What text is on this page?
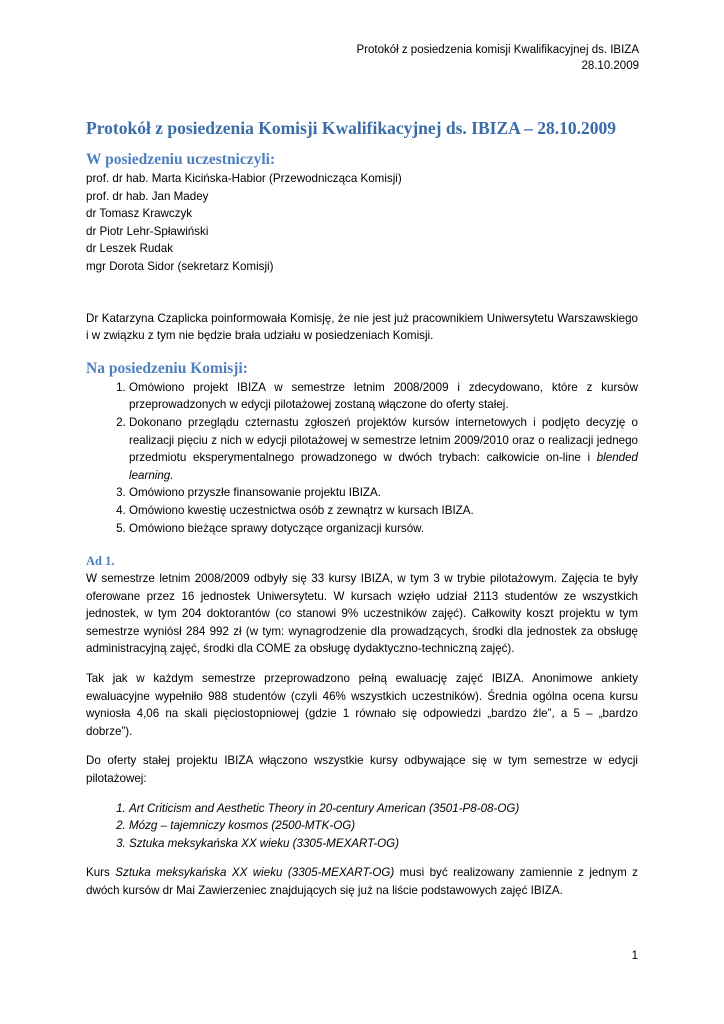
Protokół z posiedzenia komisji Kwalifikacyjnej ds. IBIZA
28.10.2009
Protokół z posiedzenia Komisji Kwalifikacyjnej ds. IBIZA – 28.10.2009
W posiedzeniu uczestniczyli:
prof. dr hab. Marta Kicińska-Habior (Przewodnicząca Komisji)
prof. dr hab. Jan Madey
dr Tomasz Krawczyk
dr Piotr Lehr-Spławiński
dr Leszek Rudak
mgr Dorota Sidor (sekretarz Komisji)

Dr Katarzyna Czaplicka poinformowała Komisję, że nie jest już pracownikiem Uniwersytetu Warszawskiego i w związku z tym nie będzie brała udziału w posiedzeniach Komisji.

Na posiedzeniu Komisji:
1. Omówiono projekt IBIZA w semestrze letnim 2008/2009 i zdecydowano, które z kursów przeprowadzonych w edycji pilotażowej zostaną włączone do oferty stałej.
2. Dokonano przeglądu czternastu zgłoszeń projektów kursów internetowych i podjęto decyzję o realizacji pięciu z nich w edycji pilotażowej w semestrze letnim 2009/2010 oraz o realizacji jednego przedmiotu eksperymentalnego prowadzonego w dwóch trybach: całkowicie on-line i blended learning.
3. Omówiono przyszłe finansowanie projektu IBIZA.
4. Omówiono kwestię uczestnictwa osób z zewnątrz w kursach IBIZA.
5. Omówiono bieżące sprawy dotyczące organizacji kursów.
Ad 1.

W semestrze letnim 2008/2009 odbyły się 33 kursy IBIZA, w tym 3 w trybie pilotażowym. Zajęcia te były oferowane przez 16 jednostek Uniwersytetu. W kursach wzięło udział 2113 studentów ze wszystkich jednostek, w tym 204 doktorantów (co stanowi 9% uczestników zajęć). Całkowity koszt projektu w tym semestrze wyniósł 284 992 zł (w tym: wynagrodzenie dla prowadzących, środki dla jednostek za obsługę administracyjną zajęć, środki dla COME za obsługę dydaktyczno-techniczną zajęć).

Tak jak w każdym semestrze przeprowadzono pełną ewaluację zajęć IBIZA. Anonimowe ankiety ewaluacyjne wypełniło 988 studentów (czyli 46% wszystkich uczestników). Średnia ogólna ocena kursu wyniosła 4,06 na skali pięciostopniowej (gdzie 1 równało się odpowiedzi „bardzo źle”, a 5 – „bardzo dobrze”).

Do oferty stałej projektu IBIZA włączono wszystkie kursy odbywające się w tym semestrze w edycji pilotażowej:

1. Art Criticism and Aesthetic Theory in 20-century American (3501-P8-08-OG)
2. Mózg – tajemniczy kosmos (2500-MTK-OG)
3. Sztuka meksykańska XX wieku (3305-MEXART-OG)

Kurs Sztuka meksykańska XX wieku (3305-MEXART-OG) musi być realizowany zamiennie z jednym z dwóch kursów dr Mai Zawierzeniec znajdujących się już na liście podstawowych zajęć IBIZA.

1
